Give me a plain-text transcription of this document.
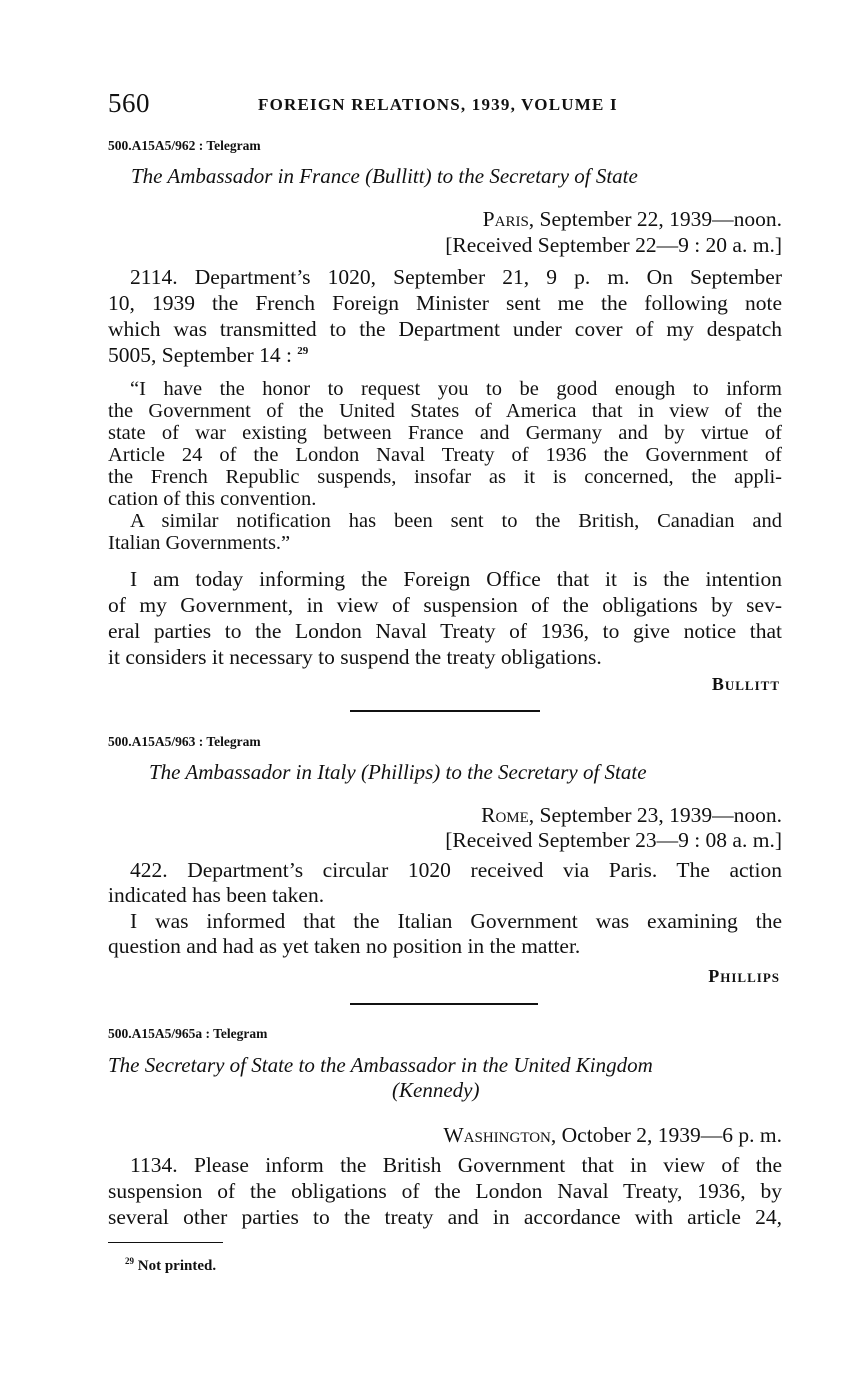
560	FOREIGN RELATIONS, 1939, VOLUME I
500.A15A5/962 : Telegram
The Ambassador in France (Bullitt) to the Secretary of State
Paris, September 22, 1939—noon.
[Received September 22—9 : 20 a. m.]
2114. Department’s 1020, September 21, 9 p. m. On September
10, 1939 the French Foreign Minister sent me the following note
which was transmitted to the Department under cover of my despatch
5005, September 14 : $^{29}$
“I have the honor to request you to be good enough to inform
the Government of the United States of America that in view of the
state of war existing between France and Germany and by virtue of
Article 24 of the London Naval Treaty of 1936 the Government of
the French Republic suspends, insofar as it is concerned, the appli-
cation of this convention.
A similar notification has been sent to the British, Canadian and
Italian Governments.”
I am today informing the Foreign Office that it is the intention
of my Government, in view of suspension of the obligations by sev-
eral parties to the London Naval Treaty of 1936, to give notice that
it considers it necessary to suspend the treaty obligations.
Bullitt
500.A15A5/963 : Telegram
The Ambassador in Italy (Phillips) to the Secretary of State
Rome, September 23, 1939—noon.
[Received September 23—9 : 08 a. m.]
422. Department’s circular 1020 received via Paris. The action
indicated has been taken.
I was informed that the Italian Government was examining the
question and had as yet taken no position in the matter.
Phillips
500.A15A5/965a : Telegram
The Secretary of State to the Ambassador in the United Kingdom
(Kennedy)
Washington, October 2, 1939—6 p. m.
1134. Please inform the British Government that in view of the
suspension of the obligations of the London Naval Treaty, 1936, by
several other parties to the treaty and in accordance with article 24,
$^{29}$ Not printed.
